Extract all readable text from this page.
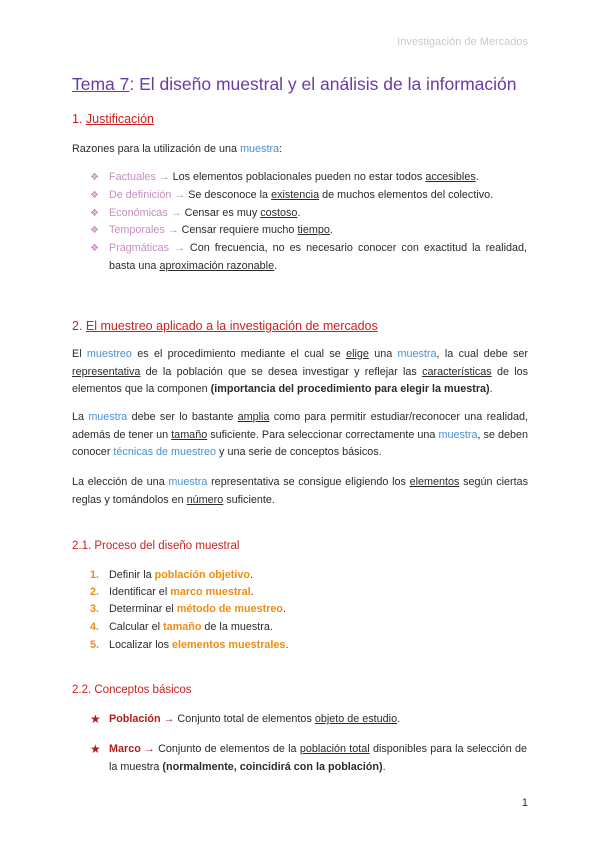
Investigación de Mercados
Tema 7: El diseño muestral y el análisis de la información
1. Justificación
Razones para la utilización de una muestra:
❖ Factuales → Los elementos poblacionales pueden no estar todos accesibles.
❖ De definición → Se desconoce la existencia de muchos elementos del colectivo.
❖ Económicas → Censar es muy costoso.
❖ Temporales → Censar requiere mucho tiempo.
❖ Pragmáticas → Con frecuencia, no es necesario conocer con exactitud la realidad, basta una aproximación razonable.
2. El muestreo aplicado a la investigación de mercados
El muestreo es el procedimiento mediante el cual se elige una muestra, la cual debe ser representativa de la población que se desea investigar y reflejar las características de los elementos que la componen (importancia del procedimiento para elegir la muestra).
La muestra debe ser lo bastante amplia como para permitir estudiar/reconocer una realidad, además de tener un tamaño suficiente. Para seleccionar correctamente una muestra, se deben conocer técnicas de muestreo y una serie de conceptos básicos.
La elección de una muestra representativa se consigue eligiendo los elementos según ciertas reglas y tomándolos en número suficiente.
2.1. Proceso del diseño muestral
1. Definir la población objetivo.
2. Identificar el marco muestral.
3. Determinar el método de muestreo.
4. Calcular el tamaño de la muestra.
5. Localizar los elementos muestrales.
2.2. Conceptos básicos
★ Población → Conjunto total de elementos objeto de estudio.
★ Marco → Conjunto de elementos de la población total disponibles para la selección de la muestra (normalmente, coincidirá con la población).
1
